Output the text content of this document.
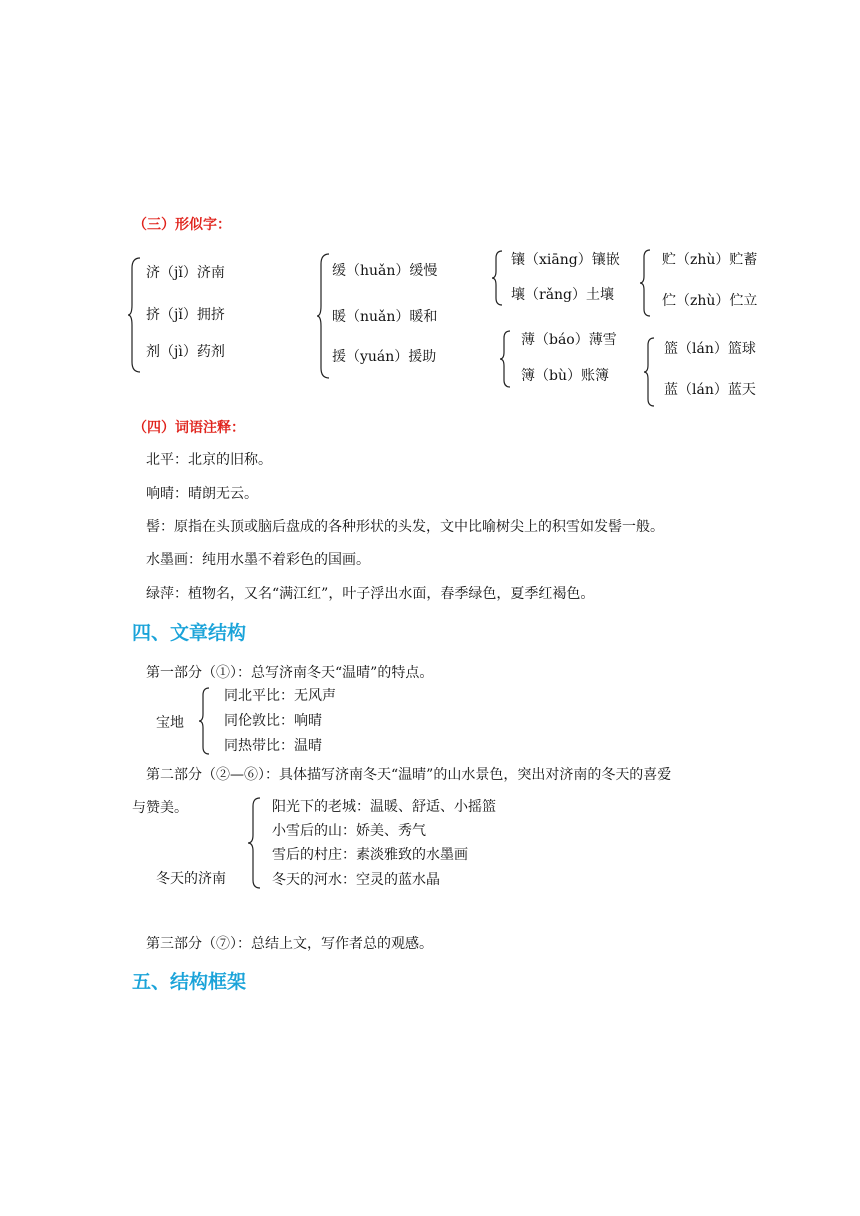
（三）形似字：
济（jǐ）济南
挤（jǐ）拥挤
剂（jì）药剂
缓（huǎn）缓慢
暖（nuǎn）暖和
援（yuán）援助
镶（xiāng）镶嵌
壤（rǎng）土壤
贮（zhù）贮蓄
伫（zhù）伫立
薄（báo）薄雪
簿（bù）账簿
篮（lán）篮球
蓝（lán）蓝天
（四）词语注释：
北平：北京的旧称。
响晴：晴朗无云。
髻：原指在头顶或脑后盘成的各种形状的头发，文中比喻树尖上的积雪如发髻一般。
水墨画：纯用水墨不着彩色的国画。
绿萍：植物名，又名“满江红”，叶子浮出水面，春季绿色，夏季红褐色。
四、文章结构
第一部分（①）：总写济南冬天“温晴”的特点。
宝地
同北平比：无风声
同伦敦比：响晴
同热带比：温晴
第二部分（②—⑥）：具体描写济南冬天“温晴”的山水景色，突出对济南的冬天的喜爱
与赞美。	阳光下的老城：温暖、舒适、小摇篮
小雪后的山：娇美、秀气
雪后的村庄：素淡雅致的水墨画
冬天的河水：空灵的蓝水晶
冬天的济南
第三部分（⑦）：总结上文，写作者总的观感。
五、结构框架
